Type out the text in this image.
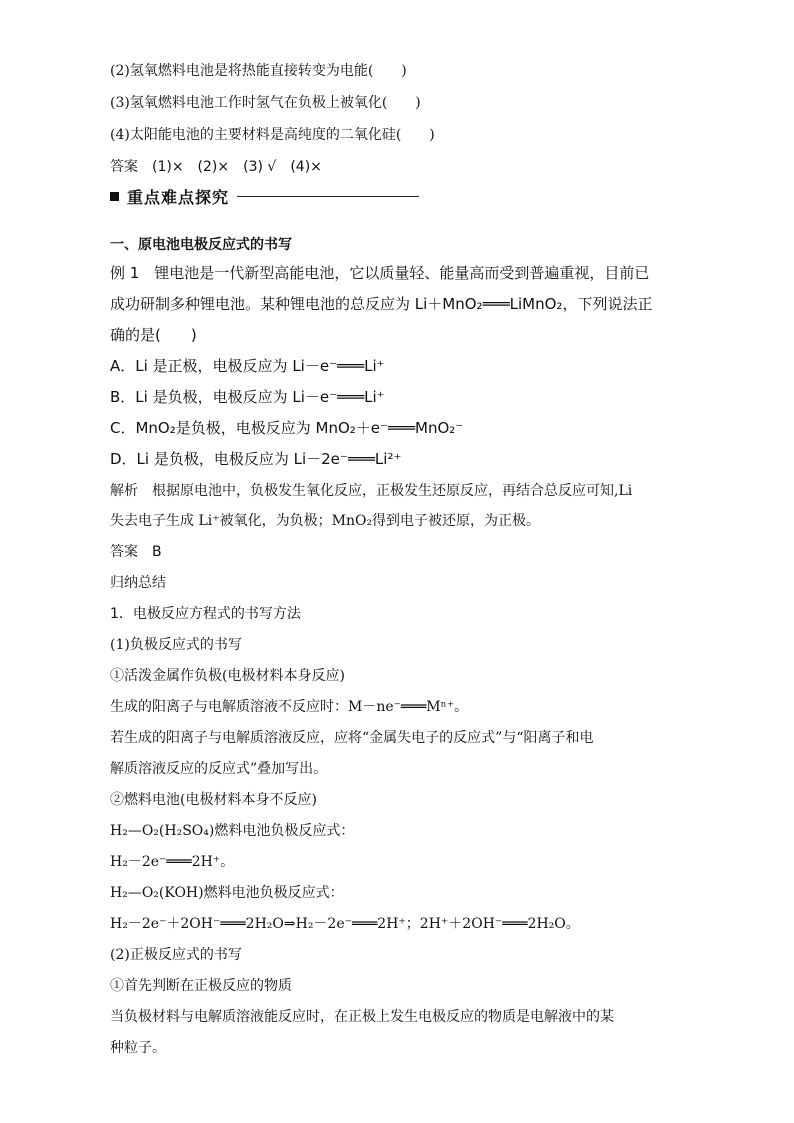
(2)氢氧燃料电池是将热能直接转变为电能(　　)
(3)氢氧燃料电池工作时氢气在负极上被氧化(　　)
(4)太阳能电池的主要材料是高纯度的二氧化硅(　　)
答案　(1)×　(2)×　(3) √　(4)×
重点难点探究
一、原电池电极反应式的书写
例 1　锂电池是一代新型高能电池，它以质量轻、能量高而受到普遍重视，目前已
成功研制多种锂电池。某种锂电池的总反应为 Li＋MnO₂═══LiMnO₂，下列说法正
确的是(　　)
A．Li 是正极，电极反应为 Li－e⁻═══Li⁺
B．Li 是负极，电极反应为 Li－e⁻═══Li⁺
C．MnO₂是负极，电极反应为 MnO₂＋e⁻═══MnO₂⁻
D．Li 是负极，电极反应为 Li－2e⁻═══Li²⁺
解析　根据原电池中，负极发生氧化反应，正极发生还原反应，再结合总反应可知,Li
失去电子生成 Li⁺被氧化，为负极；MnO₂得到电子被还原，为正极。
答案　B
归纳总结
1．电极反应方程式的书写方法
(1)负极反应式的书写
①活泼金属作负极(电极材料本身反应)
生成的阳离子与电解质溶液不反应时：M－ne⁻═══Mⁿ⁺。
若生成的阳离子与电解质溶液反应，应将“金属失电子的反应式”与“阳离子和电
解质溶液反应的反应式”叠加写出。
②燃料电池(电极材料本身不反应)
H₂—O₂(H₂SO₄)燃料电池负极反应式：
H₂－2e⁻═══2H⁺。
H₂—O₂(KOH)燃料电池负极反应式：
H₂－2e⁻＋2OH⁻═══2H₂O⇒H₂－2e⁻═══2H⁺；2H⁺＋2OH⁻═══2H₂O。
(2)正极反应式的书写
①首先判断在正极反应的物质
当负极材料与电解质溶液能反应时，在正极上发生电极反应的物质是电解液中的某
种粒子。
